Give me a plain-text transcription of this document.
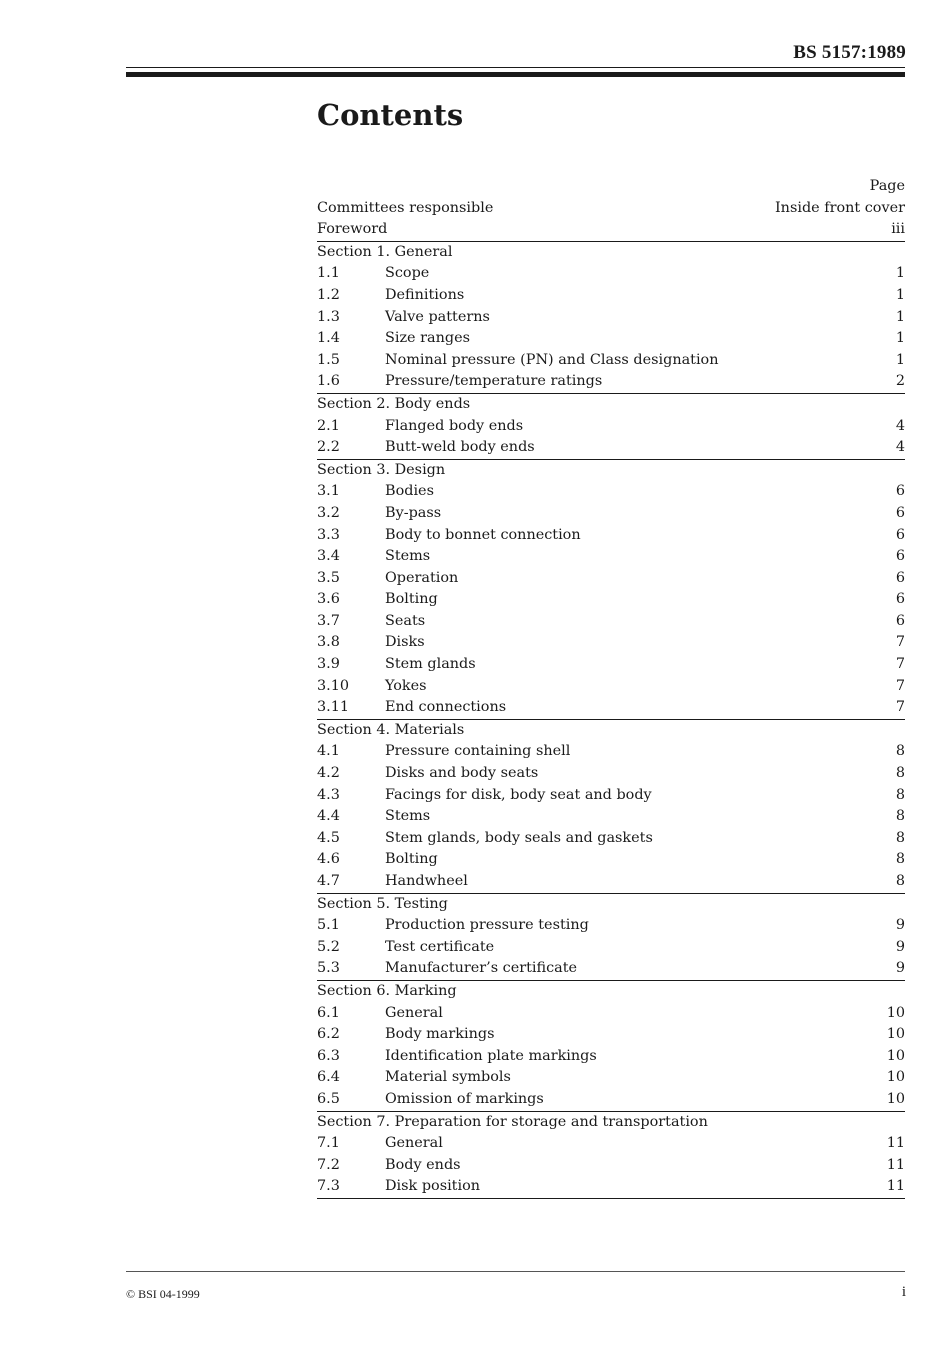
BS 5157:1989
Contents
Page
Committees responsible	Inside front cover
Foreword	iii
Section 1. General
1.1	Scope	1
1.2	Definitions	1
1.3	Valve patterns	1
1.4	Size ranges	1
1.5	Nominal pressure (PN) and Class designation	1
1.6	Pressure/temperature ratings	2
Section 2. Body ends
2.1	Flanged body ends	4
2.2	Butt-weld body ends	4
Section 3. Design
3.1	Bodies	6
3.2	By-pass	6
3.3	Body to bonnet connection	6
3.4	Stems	6
3.5	Operation	6
3.6	Bolting	6
3.7	Seats	6
3.8	Disks	7
3.9	Stem glands	7
3.10 Yokes	7
3.11 End connections	7
Section 4. Materials
4.1	Pressure containing shell	8
4.2	Disks and body seats	8
4.3	Facings for disk, body seat and body	8
4.4	Stems	8
4.5	Stem glands, body seals and gaskets	8
4.6	Bolting	8
4.7	Handwheel	8
Section 5. Testing
5.1	Production pressure testing	9
5.2	Test certificate	9
5.3	Manufacturer’s certificate	9
Section 6. Marking
6.1	General	10
6.2	Body markings	10
6.3	Identification plate markings	10
6.4	Material symbols	10
6.5	Omission of markings	10
Section 7. Preparation for storage and transportation
7.1	General	11
7.2	Body ends	11
7.3	Disk position	11
© BSI 04-1999	i
